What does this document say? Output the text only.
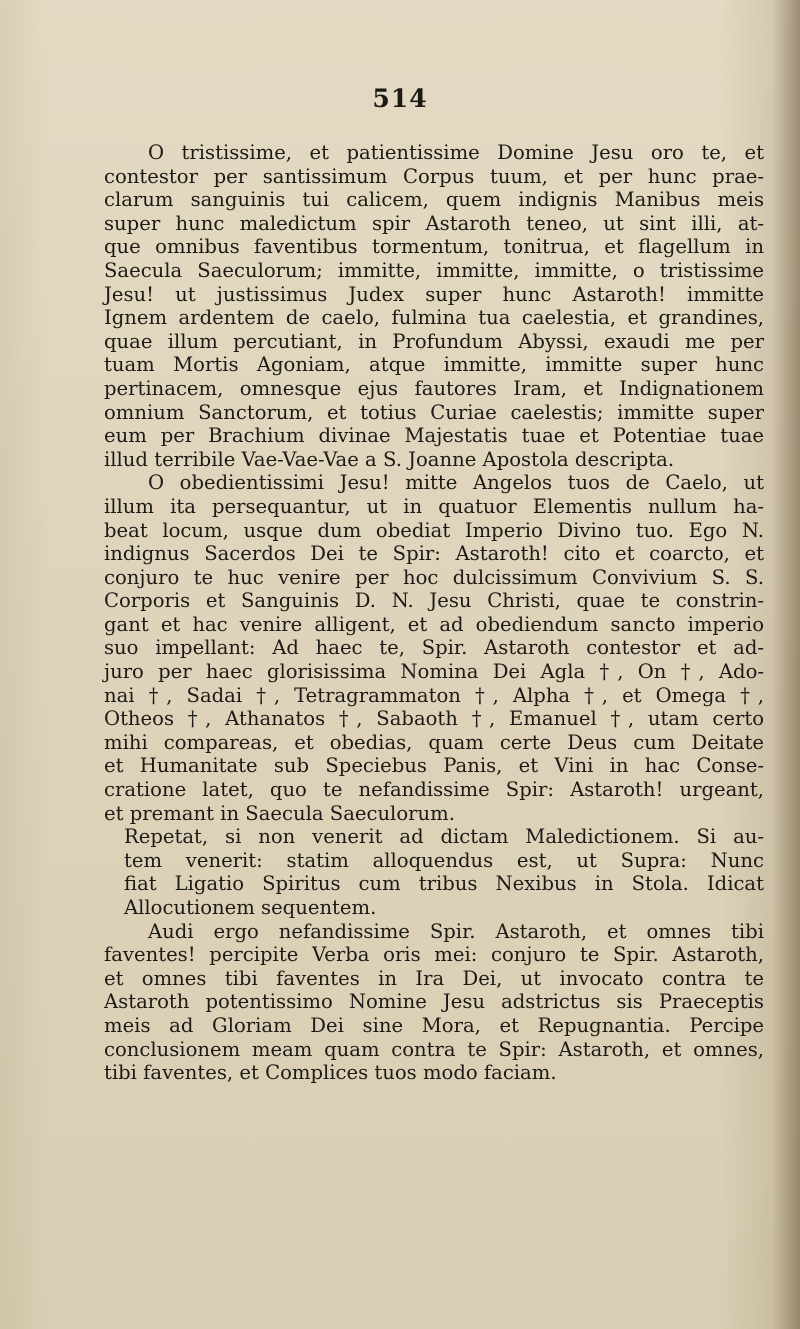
514
O tristissime, et patientissime Domine Jesu oro te, et
contestor per santissimum Corpus tuum, et per hunc prae-
clarum sanguinis tui calicem, quem indignis Manibus meis
super hunc maledictum spir Astaroth teneo, ut sint illi, at-
que omnibus faventibus tormentum, tonitrua, et flagellum in
Saecula Saeculorum; immitte, immitte, immitte, o tristissime
Jesu! ut justissimus Judex super hunc Astaroth! immitte
Ignem ardentem de caelo, fulmina tua caelestia, et grandines,
quae illum percutiant, in Profundum Abyssi, exaudi me per
tuam Mortis Agoniam, atque immitte, immitte super hunc
pertinacem, omnesque ejus fautores Iram, et Indignationem
omnium Sanctorum, et totius Curiae caelestis; immitte super
eum per Brachium divinae Majestatis tuae et Potentiae tuae
illud terribile Vae-Vae-Vae a S. Joanne Apostola descripta.
O obedientissimi Jesu! mitte Angelos tuos de Caelo, ut
illum ita persequantur, ut in quatuor Elementis nullum ha-
beat locum, usque dum obediat Imperio Divino tuo. Ego N.
indignus Sacerdos Dei te Spir: Astaroth! cito et coarcto, et
conjuro te huc venire per hoc dulcissimum Convivium S. S.
Corporis et Sanguinis D. N. Jesu Christi, quae te constrin-
gant et hac venire alligent, et ad obediendum sancto imperio
suo impellant: Ad haec te, Spir. Astaroth contestor et ad-
juro per haec glorisissima Nomina Dei Agla †, On †, Ado-
nai †, Sadai †, Tetragrammaton †, Alpha †, et Omega †,
Otheos †, Athanatos †, Sabaoth †, Emanuel †, utam certo
mihi compareas, et obedias, quam certe Deus cum Deitate
et Humanitate sub Speciebus Panis, et Vini in hac Conse-
cratione latet, quo te nefandissime Spir: Astaroth! urgeant,
et premant in Saecula Saeculorum.
Repetat, si non venerit ad dictam Maledictionem. Si au-
tem venerit: statim alloquendus est, ut Supra: Nunc
fiat Ligatio Spiritus cum tribus Nexibus in Stola. Idicat
Allocutionem sequentem.
Audi ergo nefandissime Spir. Astaroth, et omnes tibi
faventes! percipite Verba oris mei: conjuro te Spir. Astaroth,
et omnes tibi faventes in Ira Dei, ut invocato contra te
Astaroth potentissimo Nomine Jesu adstrictus sis Praeceptis
meis ad Gloriam Dei sine Mora, et Repugnantia. Percipe
conclusionem meam quam contra te Spir: Astaroth, et omnes,
tibi faventes, et Complices tuos modo faciam.
